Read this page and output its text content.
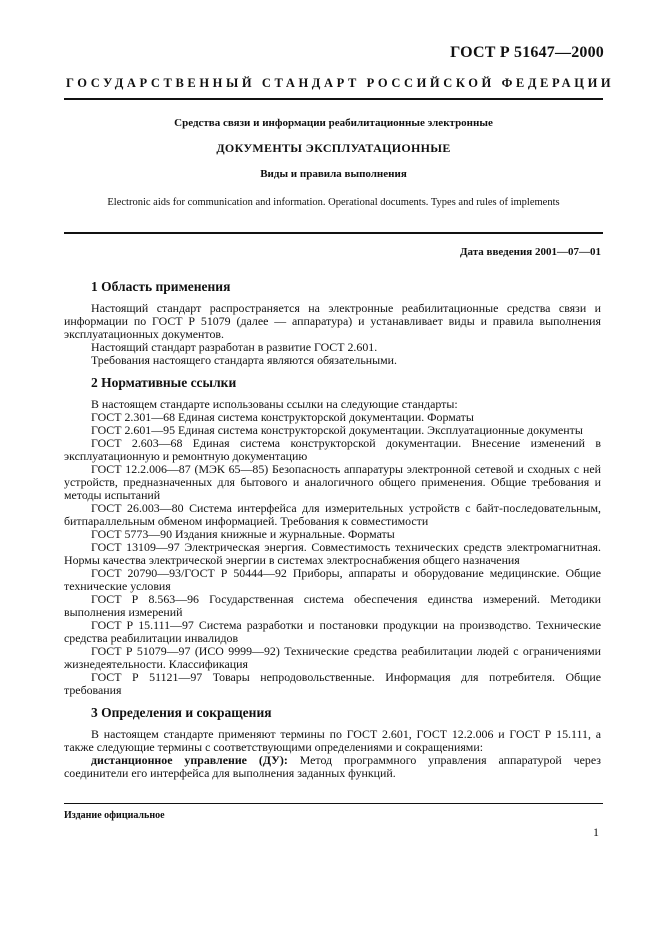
ГОСТ Р 51647—2000
ГОСУДАРСТВЕННЫЙ СТАНДАРТ РОССИЙСКОЙ ФЕДЕРАЦИИ
Средства связи и информации реабилитационные электронные
ДОКУМЕНТЫ ЭКСПЛУАТАЦИОННЫЕ
Виды и правила выполнения
Electronic aids for communication and information. Operational documents. Types and rules of implements
Дата введения 2001—07—01
1 Область применения

Настоящий стандарт распространяется на электронные реабилитационные средства связи и информации по ГОСТ Р 51079 (далее — аппаратура) и устанавливает виды и правила выполнения эксплуатационных документов.

Настоящий стандарт разработан в развитие ГОСТ 2.601.

Требования настоящего стандарта являются обязательными.

2 Нормативные ссылки

В настоящем стандарте использованы ссылки на следующие стандарты:

ГОСТ 2.301—68 Единая система конструкторской документации. Форматы

ГОСТ 2.601—95 Единая система конструкторской документации. Эксплуатационные документы

ГОСТ 2.603—68 Единая система конструкторской документации. Внесение изменений в эксплуатационную и ремонтную документацию

ГОСТ 12.2.006—87 (МЭК 65—85) Безопасность аппаратуры электронной сетевой и сходных с ней устройств, предназначенных для бытового и аналогичного общего применения. Общие требования и методы испытаний

ГОСТ 26.003—80 Система интерфейса для измерительных устройств с байт-последовательным, битпараллельным обменом информацией. Требования к совместимости

ГОСТ 5773—90 Издания книжные и журнальные. Форматы

ГОСТ 13109—97 Электрическая энергия. Совместимость технических средств электромагнитная. Нормы качества электрической энергии в системах электроснабжения общего назначения

ГОСТ 20790—93/ГОСТ Р 50444—92 Приборы, аппараты и оборудование медицинские. Общие технические условия

ГОСТ Р 8.563—96 Государственная система обеспечения единства измерений. Методики выполнения измерений

ГОСТ Р 15.111—97 Система разработки и постановки продукции на производство. Технические средства реабилитации инвалидов

ГОСТ Р 51079—97 (ИСО 9999—92) Технические средства реабилитации людей с ограничениями жизнедеятельности. Классификация

ГОСТ Р 51121—97 Товары непродовольственные. Информация для потребителя. Общие требования

3 Определения и сокращения

В настоящем стандарте применяют термины по ГОСТ 2.601, ГОСТ 12.2.006 и ГОСТ Р 15.111, а также следующие термины с соответствующими определениями и сокращениями:

дистанционное управление (ДУ): Метод программного управления аппаратурой через соединители его интерфейса для выполнения заданных функций.

Издание официальное
1
